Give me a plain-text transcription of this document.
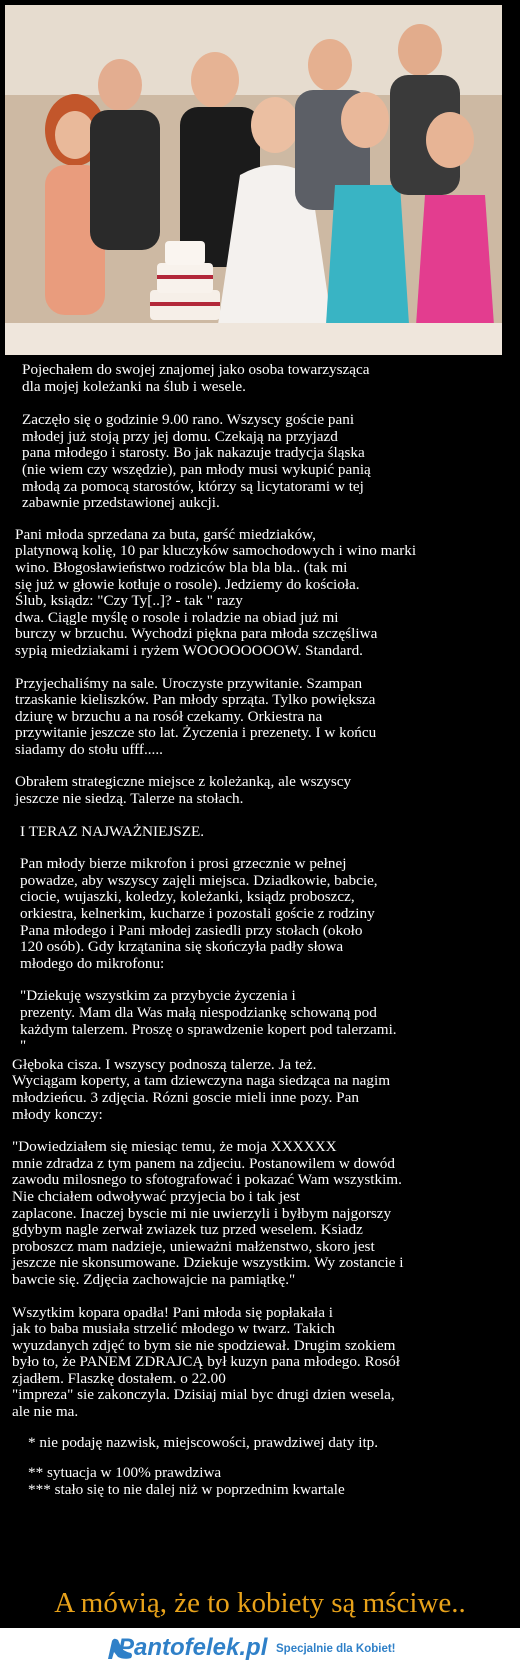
Pojechałem do swojej znajomej jako osoba towarzysząca
dla mojej koleżanki na ślub i wesele.

Zaczęło się o godzinie 9.00 rano. Wszyscy goście pani
młodej już stoją przy jej domu. Czekają na przyjazd
pana młodego i starosty. Bo jak nakazuje tradycja śląska
(nie wiem czy wszędzie), pan młody musi wykupić panią
młodą za pomocą starostów, którzy są licytatorami w tej
zabawnie przedstawionej aukcji.

Pani młoda sprzedana za buta, garść miedziaków,
platynową kolię, 10 par kluczyków samochodowych i wino marki
wino. Błogosławieństwo rodziców bla bla bla.. (tak mi
się już w głowie kotłuje o rosole). Jedziemy do kościoła.
Ślub, ksiądz: "Czy Ty[..]? - tak " razy
dwa. Ciągle myślę o rosole i roladzie na obiad już mi
burczy w brzuchu. Wychodzi piękna para młoda szczęśliwa
sypią miedziakami i ryżem WOOOOOOOOW. Standard.

Przyjechaliśmy na sale. Uroczyste przywitanie. Szampan
trzaskanie kieliszków. Pan młody sprząta. Tylko powiększa
dziurę w brzuchu a na rosół czekamy. Orkiestra na
przywitanie jeszcze sto lat. Życzenia i prezenety. I w końcu
siadamy do stołu ufff.....

Obrałem strategiczne miejsce z koleżanką, ale wszyscy
jeszcze nie siedzą. Talerze na stołach.

I TERAZ NAJWAŻNIEJSZE.

Pan młody bierze mikrofon i prosi grzecznie w pełnej
powadze, aby wszyscy zajęli miejsca. Dziadkowie, babcie,
ciocie, wujaszki, koledzy, koleżanki, ksiądz proboszcz,
orkiestra, kelnerkim, kucharze i pozostali goście z rodziny
Pana młodego i Pani młodej zasiedli przy stołach (około
120 osób). Gdy krzątanina się skończyła padły słowa
młodego do mikrofonu:

"Dziekuję wszystkim za przybycie życzenia i
prezenty. Mam dla Was małą niespodziankę schowaną pod
każdym talerzem. Proszę o sprawdzenie kopert pod talerzami.
"

Głęboka cisza. I wszyscy podnoszą talerze. Ja też.
Wyciągam koperty, a tam dziewczyna naga siedząca na nagim
młodzieńcu. 3 zdjęcia. Rózni goscie mieli inne pozy. Pan
młody konczy:

"Dowiedziałem się miesiąc temu, że moja XXXXXX
mnie zdradza z tym panem na zdjeciu. Postanowilem w dowód
zawodu milosnego to sfotografować i pokazać Wam wszystkim.
Nie chciałem odwoływać przyjecia bo i tak jest
zaplacone. Inaczej byscie mi nie uwierzyli i byłbym najgorszy
gdybym nagle zerwał zwiazek tuz przed weselem. Ksiadz
proboszcz mam nadzieje, unieważni małżenstwo, skoro jest
jeszcze nie skonsumowane. Dziekuje wszystkim. Wy zostancie i
bawcie się. Zdjęcia zachowajcie na pamiątkę."

Wszytkim kopara opadła! Pani młoda się popłakała i
jak to baba musiała strzelić młodego w twarz. Takich
wyuzdanych zdjęć to bym sie nie spodziewał. Drugim szokiem
było to, że PANEM ZDRAJCĄ był kuzyn pana młodego. Rosół
zjadłem. Flaszkę dostałem. o 22.00
"impreza" sie zakonczyla. Dzisiaj mial byc drugi dzien wesela,
ale nie ma.

* nie podaję nazwisk, miejscowości, prawdziwej daty itp.

** sytuacja w 100% prawdziwa
*** stało się to nie dalej niż w poprzednim kwartale

A mówią, że to kobiety są mściwe..
Pantofelek.pl Specjalnie dla Kobiet!
